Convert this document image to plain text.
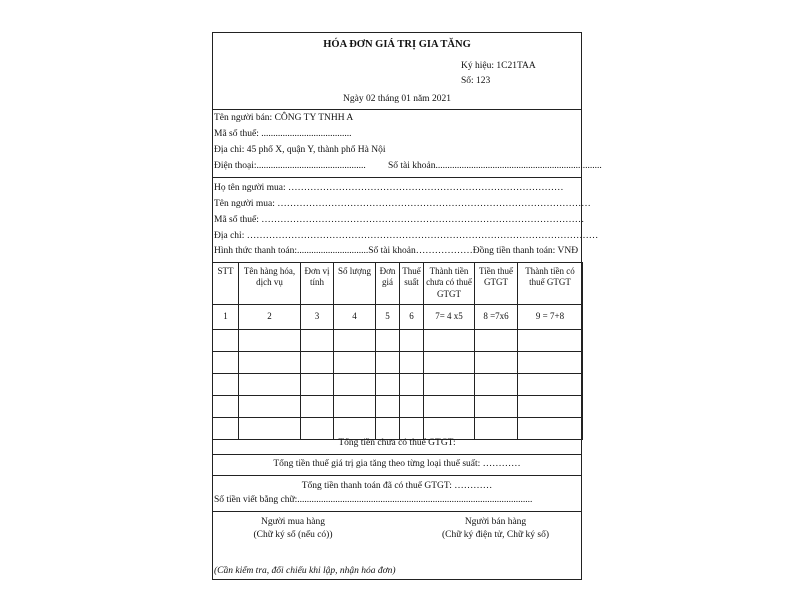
HÓA ĐƠN GIÁ TRỊ GIA TĂNG
Ký hiệu: 1C21TAA
Số: 123
Ngày 02 tháng 01 năm 2021
Tên người bán: CÔNG TY TNHH A
Mã số thuế: ......................................
Địa chỉ: 45 phố X, quận Y, thành phố Hà Nội
Điện thoại:.............................................. Số tài khoản......................................................................
Họ tên người mua: ……………………………………………………………………………
Tên người mua: ………………………………………………………………………………………
Mã số thuế: …………………………………………………………………………………………
Địa chỉ: …………………………………………………………………………………………………
Hình thức thanh toán:..............................Số tài khoản………………Đồng tiền thanh toán: VNĐ
STT	Tên hàng hóa, dịch vụ	Đơn vị tính	Số lượng	Đơn giá	Thuế suất	Thành tiền chưa có thuế GTGT	Tiền thuế GTGT	Thành tiền có thuế GTGT
1	2	3	4	5	6	7= 4 x5	8 =7x6	9 = 7+8

Tổng tiền chưa có thuế GTGT:
Tổng tiền thuế giá trị gia tăng theo từng loại thuế suất: …………
Tổng tiền thanh toán đã có thuế GTGT: …………
Số tiền viết bằng chữ:...................................................................................................
Người mua hàng
(Chữ ký số (nếu có))
Người bán hàng
(Chữ ký điện tử, Chữ ký số)
(Cần kiểm tra, đối chiếu khi lập, nhận hóa đơn)
